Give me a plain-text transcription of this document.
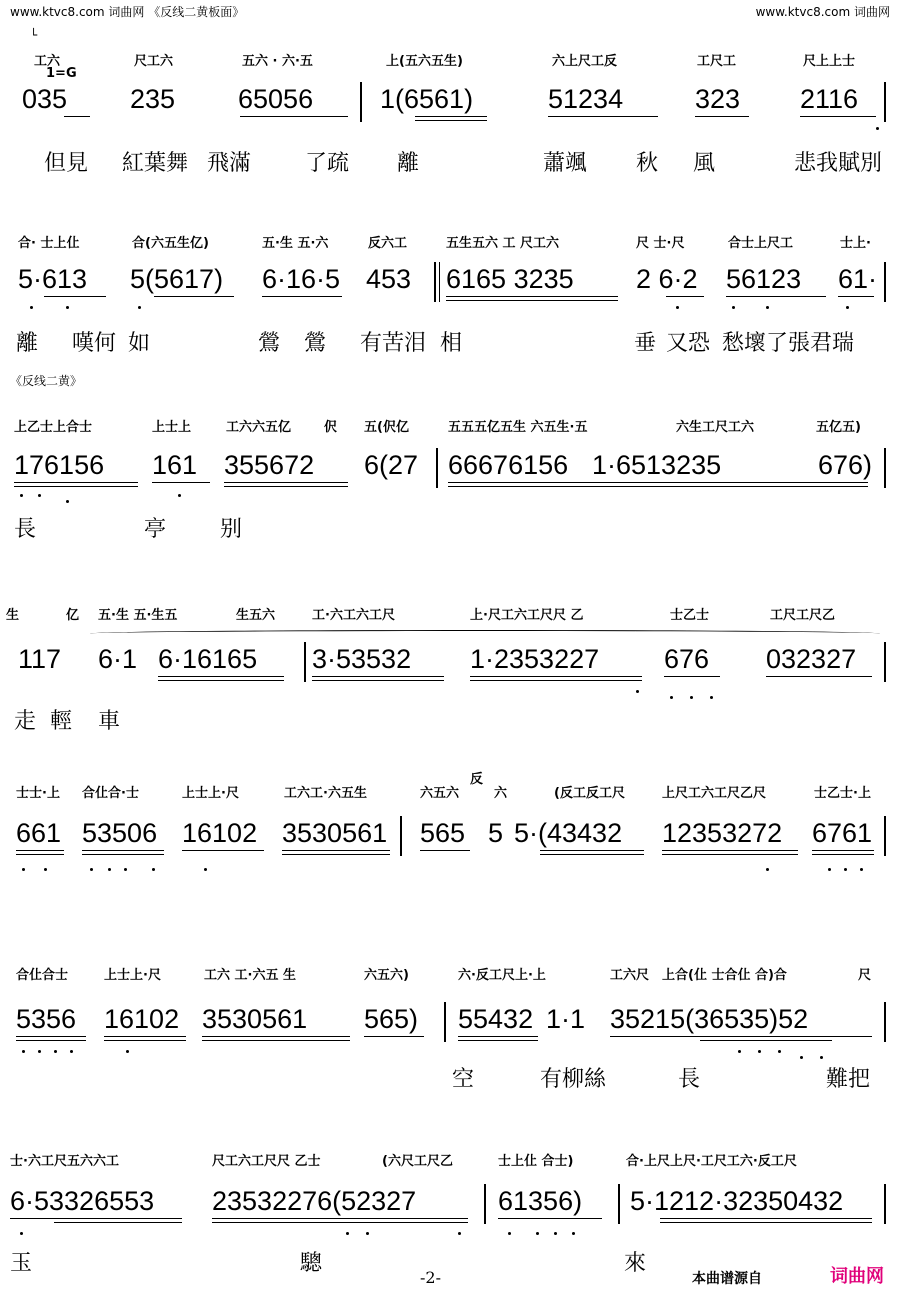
www.ktvc8.com 词曲网 《反线二黄板面》	www.ktvc8.com 词曲网
└
工六
1=G
尺工六	五六 · 六·五	上(五六五生)	六上尺工反	工尺工	尺上上士
035 235 65056 1(6561)	51234	323 2116
但見 紅葉舞 飛滿 了疏 離	蕭颯 秋 風	悲我賦別
合· 士上仩	合(六五生亿)	五·生 五·六	反六工	五生五六 工 尺工六	尺 士·尺	合士上尺工	士上·
5·613 5(5617) 6·16·5 453 6165 3235 2 6·2 56123 61·
離 嘆何 如	鶯 鶯 有苦泪 相	垂 又恐 愁壞了張君瑞
《反线二黄》
上乙士上合士	上士上	工六六五亿	伬 五(伬亿	五五五亿五生 六五生·五	六生工尺工六	五亿五)
176156 161 355672 6(27 66676156 1·6513235	676)
長	亭 别
生	亿 五·生 五·生五	生五六	工·六工六工尺	上·尺工六工尺尺 乙	士乙士	工尺工尺乙
117 6·1 6·16165 3·53532 1·2353227 676 032327
走 輕 車
士士·上 合仩合·士	上士上·尺	工六工·六五生	六五六
反
六	(反工反工尺	上尺工六工尺乙尺	士乙士·上
661 53506 16102 3530561 565 5 5·(43432 12353272 6761
合仩合士	上士上·尺	工六 工·六五 生	六五六)	六·反工尺上·上	工六尺 上合(仩 士合仩 合)合	尺
5356 16102 3530561 565) 55432 1·1 35215(36535)52
空	有柳絲	長	難把
士·六工尺五六六工	尺工六工尺尺 乙士	(六尺工尺乙	士上仩 合士)	合·上尺上尺·工尺工六·反工尺
6·53326553 23532276(52327	61356) 5·1212·32350432
玉	驄	來
-2-	本曲谱源自	词曲网
